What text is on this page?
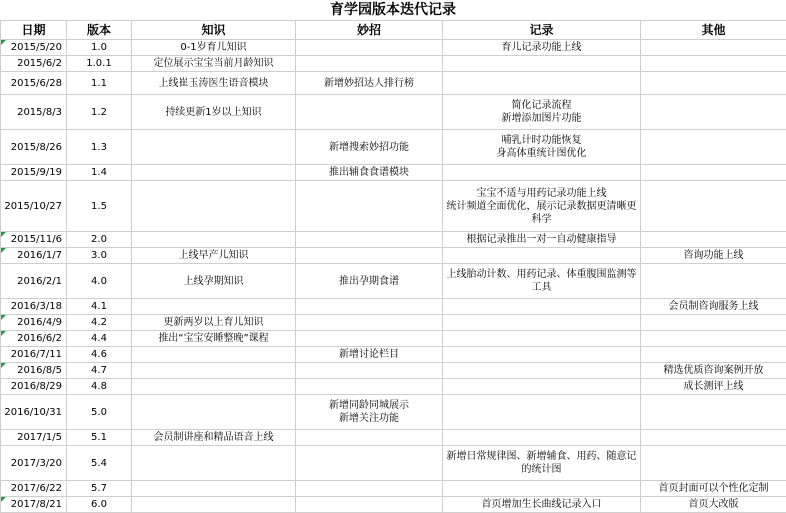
育学园版本迭代记录
日期	版本	知识	妙招	记录	其他
2015/5/20	1.0	0-1岁育儿知识		育儿记录功能上线	

2015/6/2	1.0.1	定位展示宝宝当前月龄知识			

2015/6/28	1.1	上线崔玉涛医生语音模块	新增妙招达人排行榜		

2015/8/3	1.2	持续更新1岁以上知识		简化记录流程
新增添加图片功能	

2015/8/26	1.3		新增搜索妙招功能	哺乳计时功能恢复
身高体重统计图优化	

2015/9/19	1.4		推出辅食食谱模块		

2015/10/27	1.5			宝宝不适与用药记录功能上线
统计频道全面优化，展示记录数据更清晰更科学	

2015/11/6	2.0			根据记录推出一对一自动健康指导	

2016/1/7	3.0	上线早产儿知识			咨询功能上线

2016/2/1	4.0	上线孕期知识	推出孕期食谱	上线胎动计数、用药记录、体重腹围监测等工具	

2016/3/18	4.1				会员制咨询服务上线

2016/4/9	4.2	更新两岁以上育儿知识			

2016/6/2	4.4	推出“宝宝安睡整晚”课程			

2016/7/11	4.6		新增讨论栏目		

2016/8/5	4.7				精选优质咨询案例开放

2016/8/29	4.8				成长测评上线

2016/10/31	5.0		新增同龄同城展示
新增关注功能		

2017/1/5	5.1	会员制讲座和精品语音上线			

2017/3/20	5.4			新增日常规律图、新增辅食、用药、随意记的统计图	

2017/6/22	5.7				首页封面可以个性化定制

2017/8/21	6.0			首页增加生长曲线记录入口	首页大改版
